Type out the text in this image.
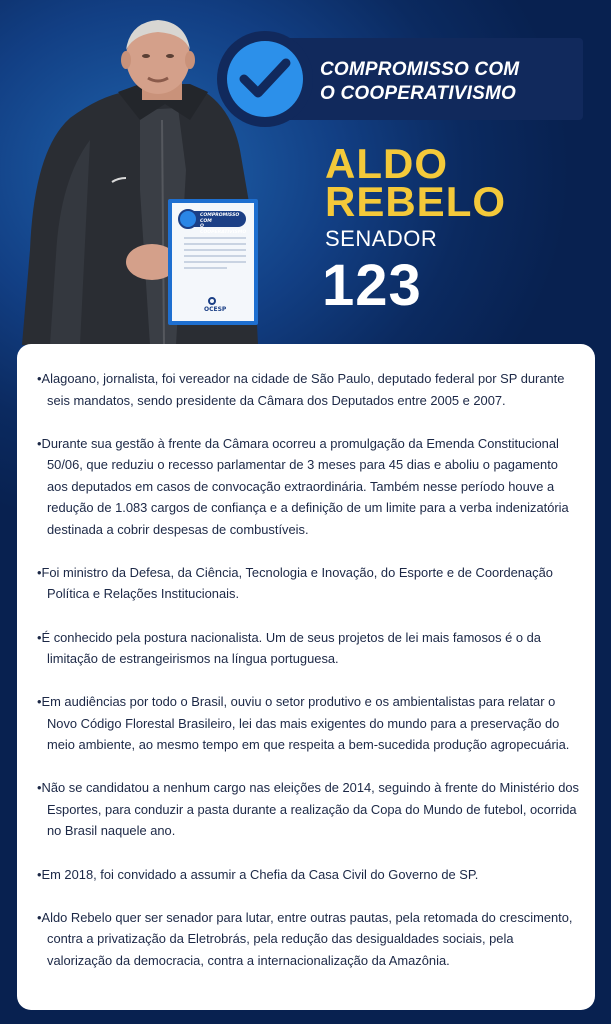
COMPROMISSO COM
O COOPERATIVISMO
OCESP
COMPROMISSO COM
O COOPERATIVISMO
ALDO
REBELO
SENADOR
123

• Alagoano, jornalista, foi vereador na cidade de São Paulo, deputado federal por SP durante seis mandatos, sendo presidente da Câmara dos Deputados entre 2005 e 2007.

• Durante sua gestão à frente da Câmara ocorreu a promulgação da Emenda Constitucional 50/06, que reduziu o recesso parlamentar de 3 meses para 45 dias e aboliu o pagamento aos deputados em casos de convocação extraordinária. Também nesse período houve a redução de 1.083 cargos de confiança e a definição de um limite para a verba indenizatória destinada a cobrir despesas de combustíveis.

• Foi ministro da Defesa, da Ciência, Tecnologia e Inovação, do Esporte e de Coordenação Política e Relações Institucionais.

• É conhecido pela postura nacionalista. Um de seus projetos de lei mais famosos é o da limitação de estrangeirismos na língua portuguesa.

• Em audiências por todo o Brasil, ouviu o setor produtivo e os ambientalistas para relatar o Novo Código Florestal Brasileiro, lei das mais exigentes do mundo para a preservação do meio ambiente, ao mesmo tempo em que respeita a bem-sucedida produção agropecuária.

• Não se candidatou a nenhum cargo nas eleições de 2014, seguindo à frente do Ministério dos Esportes, para conduzir a pasta durante a realização da Copa do Mundo de futebol, ocorrida no Brasil naquele ano.

• Em 2018, foi convidado a assumir a Chefia da Casa Civil do Governo de SP.

• Aldo Rebelo quer ser senador para lutar, entre outras pautas, pela retomada do crescimento, contra a privatização da Eletrobrás, pela redução das desigualdades sociais, pela valorização da democracia, contra a internacionalização da Amazônia.
